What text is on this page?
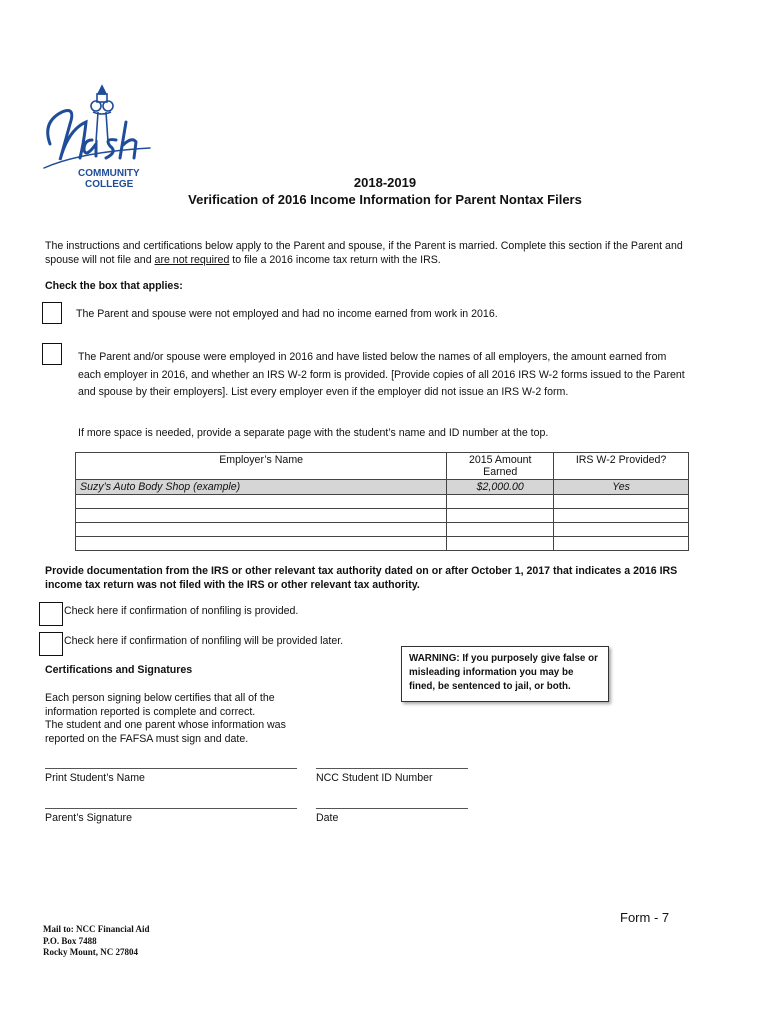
COMMUNITY
COLLEGE	2018-2019
Verification of 2016 Income Information for Parent Nontax Filers
The instructions and certifications below apply to the Parent and spouse, if the Parent is married. Complete this section if the Parent and spouse will not file and are not required to file a 2016 income tax return with the IRS.
Check the box that applies:
The Parent and spouse were not employed and had no income earned from work in 2016.
The Parent and/or spouse were employed in 2016 and have listed below the names of all employers, the amount earned from each employer in 2016, and whether an IRS W-2 form is provided. [Provide copies of all 2016 IRS W-2 forms issued to the Parent and spouse by their employers]. List every employer even if the employer did not issue an IRS W-2 form.
If more space is needed, provide a separate page with the student’s name and ID number at the top.
Employer’s Name	2015 Amount Earned	IRS W-2 Provided?
Suzy’s Auto Body Shop (example)	$2,000.00	Yes

Provide documentation from the IRS or other relevant tax authority dated on or after October 1, 2017 that indicates a 2016 IRS income tax return was not filed with the IRS or other relevant tax authority.
Check here if confirmation of nonfiling is provided.
Check here if confirmation of nonfiling will be provided later.
Certifications and Signatures
Each person signing below certifies that all of the information reported is complete and correct.
The student and one parent whose information was reported on the FAFSA must sign and date.
WARNING: If you purposely give false or misleading information you may be fined, be sentenced to jail, or both.
Print Student’s Name	NCC Student ID Number
Parent’s Signature	Date
Form - 7
Mail to: NCC Financial Aid
P.O. Box 7488
Rocky Mount, NC 27804
